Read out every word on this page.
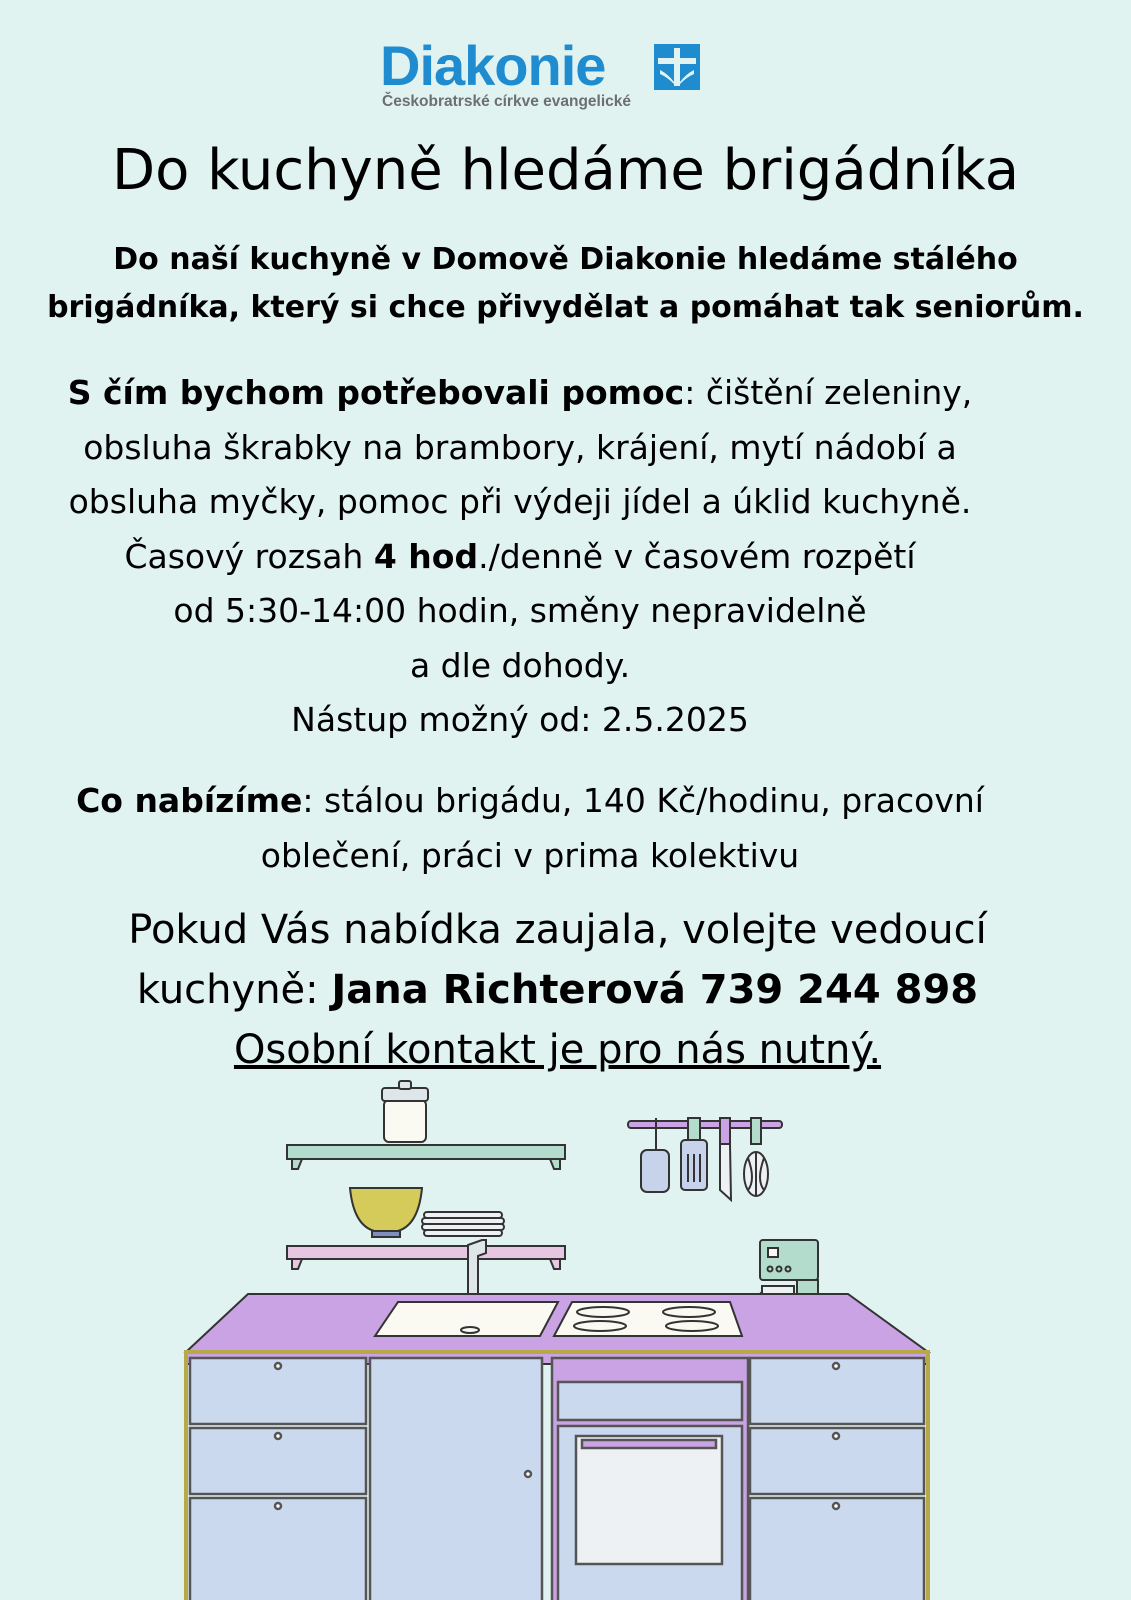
Diakonie
Českobratrské církve evangelické
Do kuchyně hledáme brigádníka
Do naší kuchyně v Domově Diakonie hledáme stálého
brigádníka, který si chce přivydělat a pomáhat tak seniorům.
S čím bychom potřebovali pomoc: čištění zeleniny,
obsluha škrabky na brambory, krájení, mytí nádobí a
obsluha myčky, pomoc při výdeji jídel a úklid kuchyně.
Časový rozsah 4 hod./denně v časovém rozpětí
od 5:30-14:00 hodin, směny nepravidelně
a dle dohody.
Nástup možný od: 2.5.2025
Co nabízíme: stálou brigádu, 140 Kč/hodinu, pracovní
oblečení, práci v prima kolektivu
Pokud Vás nabídka zaujala, volejte vedoucí
kuchyně: Jana Richterová 739 244 898
Osobní kontakt je pro nás nutný.
